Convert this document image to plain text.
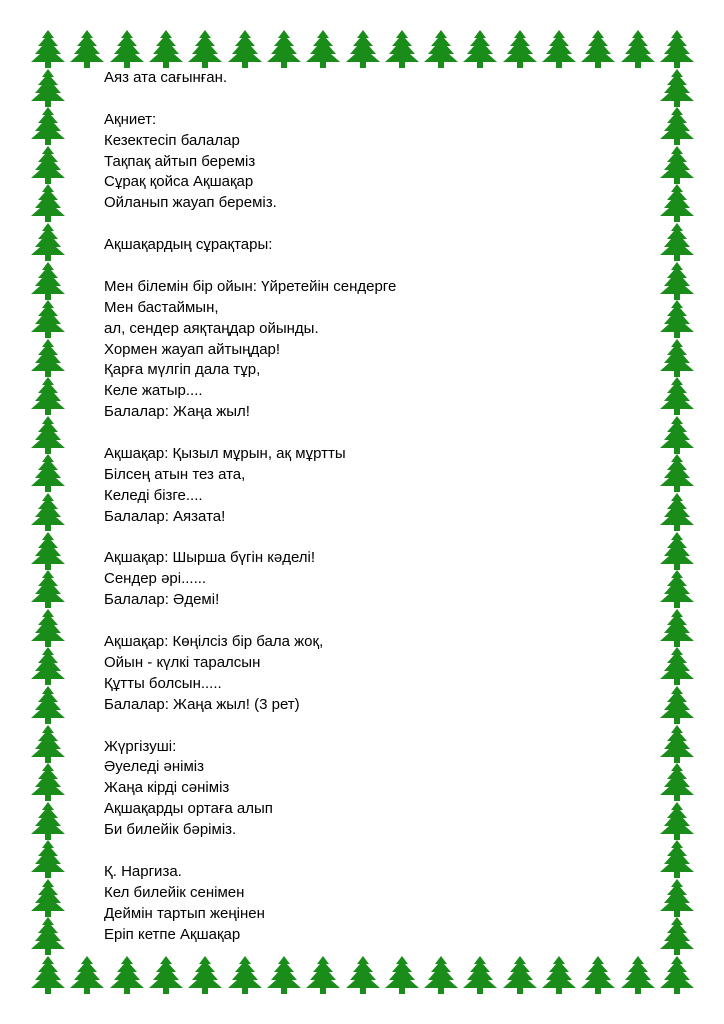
Аяз ата сағынған.
Ақниет:
Кезектесіп балалар
Тақпақ айтып береміз
Сұрақ қойса Ақшақар
Ойланып жауап береміз.
Ақшақардың сұрақтары:
Мен білемін бір ойын: Үйретейін сендерге
Мен бастаймын,
ал, сендер аяқтаңдар ойынды.
Хормен жауап айтыңдар!
Қарға мүлгіп дала тұр,
Келе жатыр....
Балалар: Жаңа жыл!
Ақшақар: Қызыл мұрын, ақ мұртты
Білсең атын тез ата,
Келеді бізге....
Балалар: Аязата!
Ақшақар: Шырша бүгін кәделі!
Сендер әрі......
Балалар: Әдемі!
Ақшақар: Көңілсіз бір бала жоқ,
Ойын - күлкі таралсын
Құтты болсын.....
Балалар: Жаңа жыл! (3 рет)
Жүргізуші:
Әуеледі әніміз
Жаңа кірді сәніміз
Ақшақарды ортаға алып
Би билейік бәріміз.
Қ. Наргиза.
Кел билейік сенімен
Деймін тартып жеңінен
Еріп кетпе Ақшақар
